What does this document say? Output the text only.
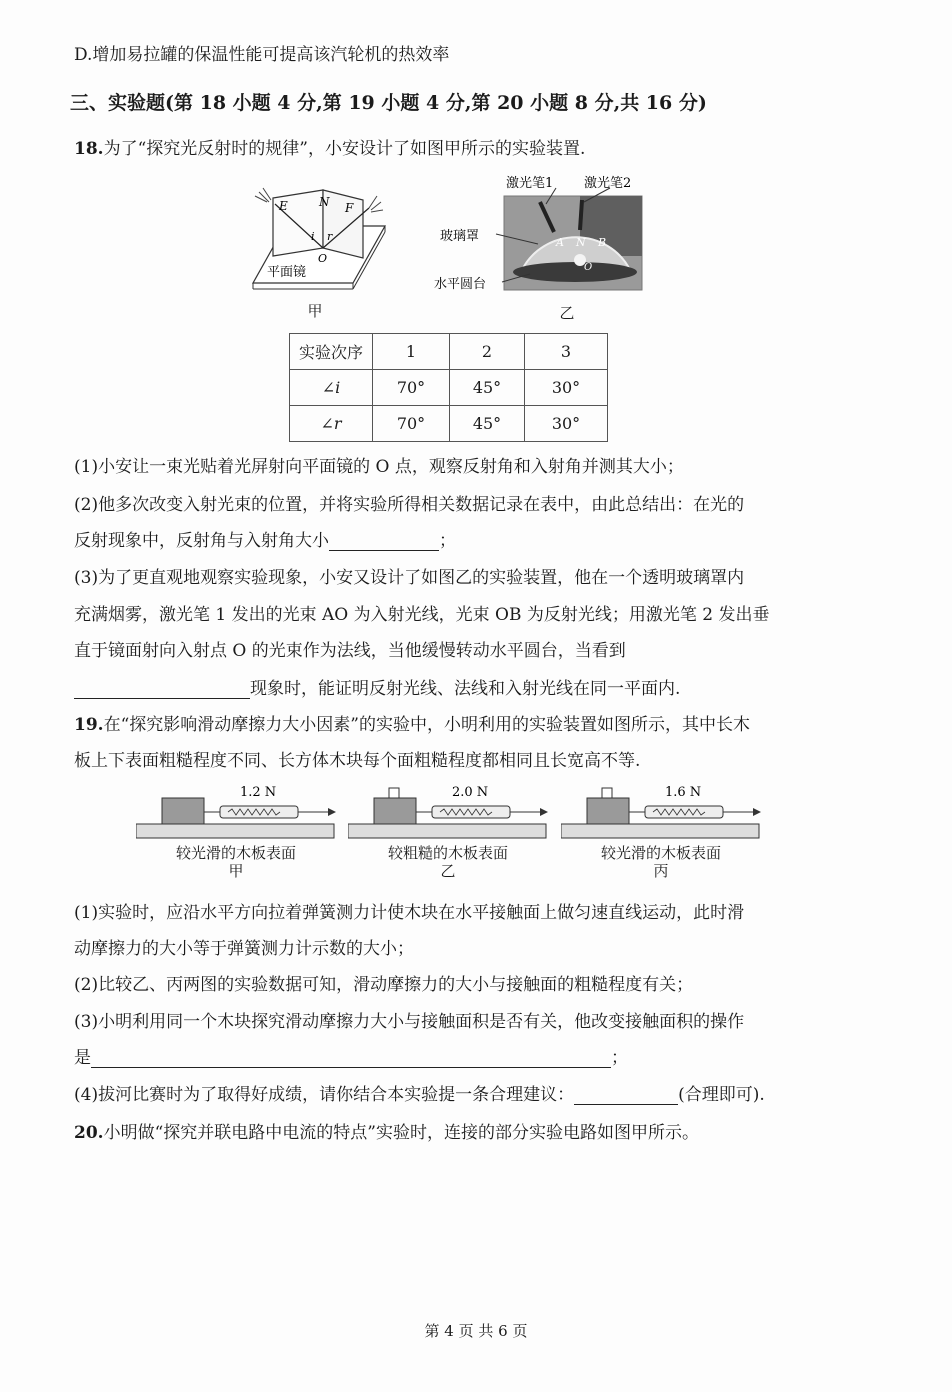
D.增加易拉罐的保温性能可提高该汽轮机的热效率
三、实验题(第 18 小题 4 分,第 19 小题 4 分,第 20 小题 8 分,共 16 分)
18.为了“探究光反射时的规律”，小安设计了如图甲所示的实验装置.
E	N F
i r
O
平面镜
甲
A N B
O
激光笔1 激光笔2
玻璃罩
水平圆台
乙
实验次序	1	2	3
∠i	70°	45°	30°
∠r	70°	45°	30°
(1)小安让一束光贴着光屏射向平面镜的 O 点，观察反射角和入射角并测其大小；
(2)他多次改变入射光束的位置，并将实验所得相关数据记录在表中，由此总结出：在光的
反射现象中，反射角与入射角大小	；
(3)为了更直观地观察实验现象，小安又设计了如图乙的实验装置，他在一个透明玻璃罩内
充满烟雾，激光笔 1 发出的光束 AO 为入射光线，光束 OB 为反射光线；用激光笔 2 发出垂
直于镜面射向入射点 O 的光束作为法线，当他缓慢转动水平圆台，当看到
现象时，能证明反射光线、法线和入射光线在同一平面内.
19.在“探究影响滑动摩擦力大小因素”的实验中，小明利用的实验装置如图所示，其中长木
板上下表面粗糙程度不同、长方体木块每个面粗糙程度都相同且长宽高不等.
1.2 N
较光滑的木板表面
甲
2.0 N
较粗糙的木板表面
乙
1.6 N
较光滑的木板表面
丙
(1)实验时，应沿水平方向拉着弹簧测力计使木块在水平接触面上做匀速直线运动，此时滑
动摩擦力的大小等于弹簧测力计示数的大小；
(2)比较乙、丙两图的实验数据可知，滑动摩擦力的大小与接触面的粗糙程度有关；
(3)小明利用同一个木块探究滑动摩擦力大小与接触面积是否有关，他改变接触面积的操作
是	；
(4)拔河比赛时为了取得好成绩，请你结合本实验提一条合理建议：	(合理即可).
20.小明做“探究并联电路中电流的特点”实验时，连接的部分实验电路如图甲所示。
第 4 页 共 6 页
